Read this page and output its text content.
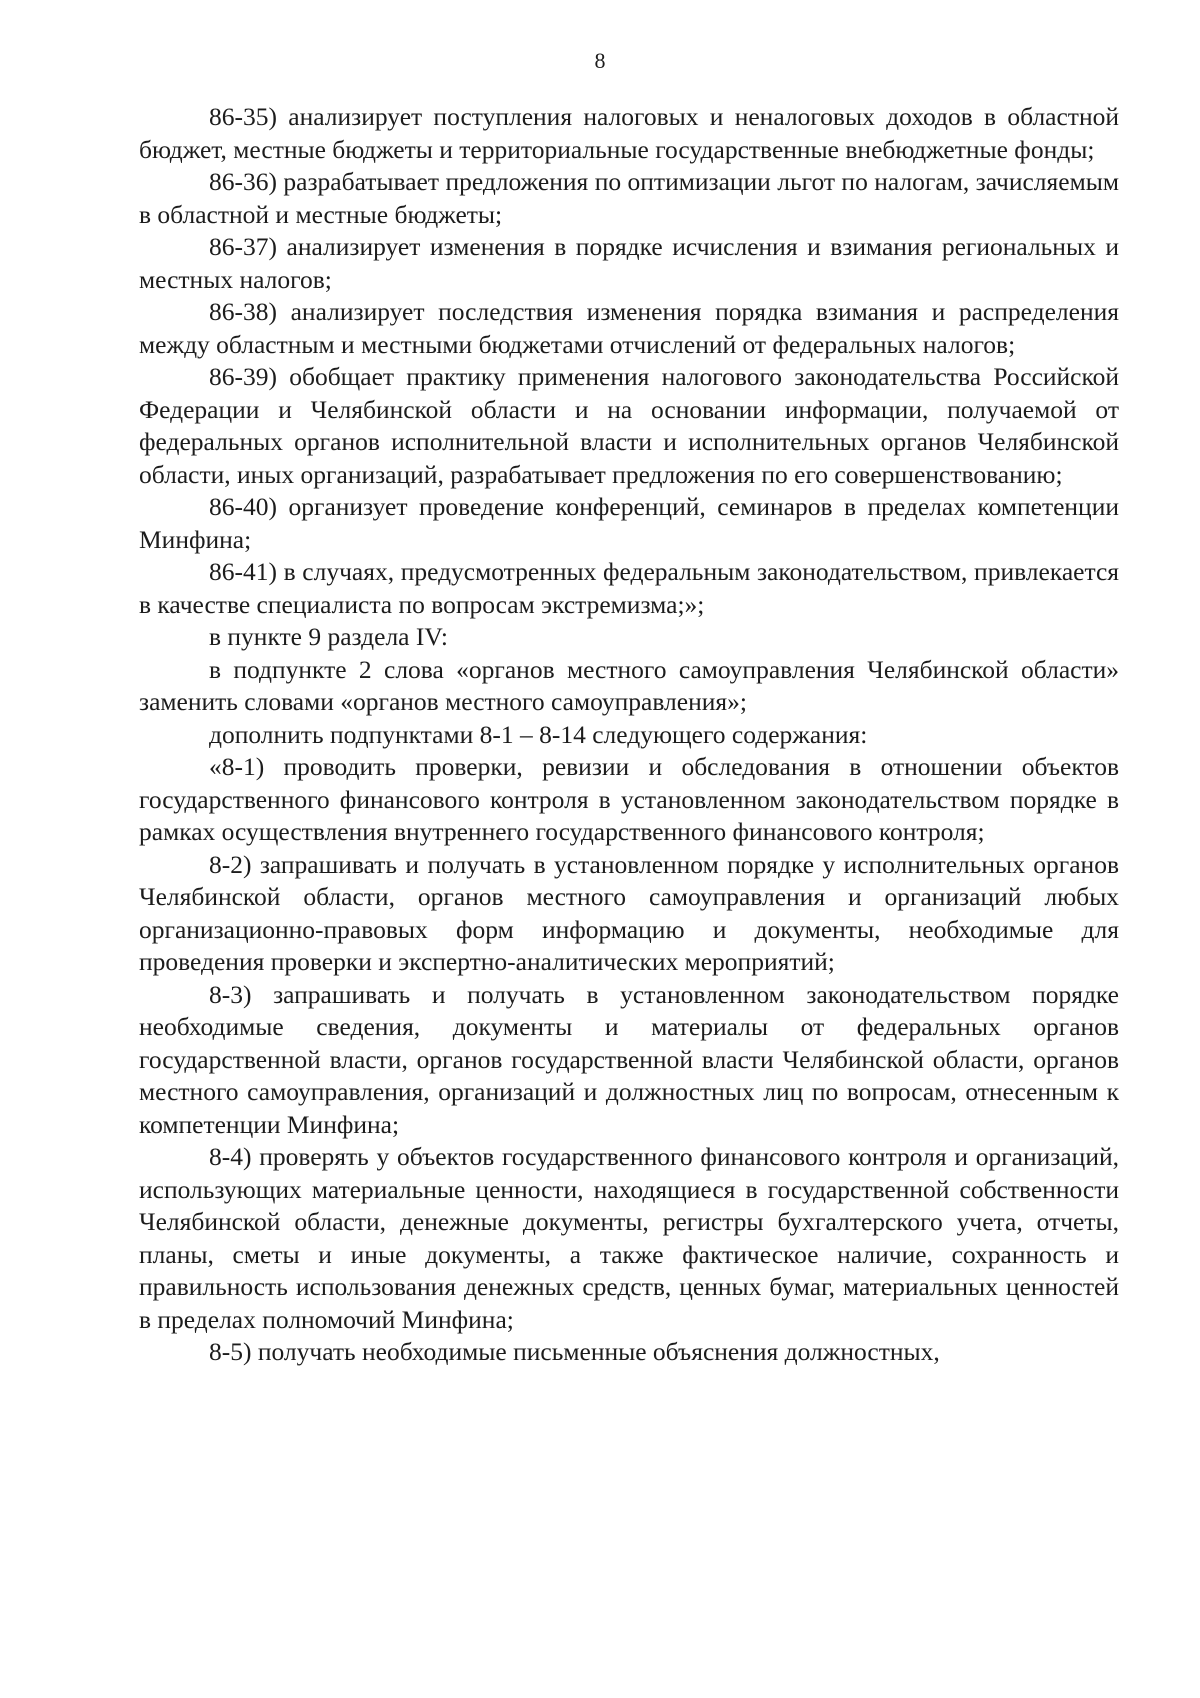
8

86-35) анализирует поступления налоговых и неналоговых доходов в областной бюджет, местные бюджеты и территориальные государственные внебюджетные фонды;

86-36) разрабатывает предложения по оптимизации льгот по налогам, зачисляемым в областной и местные бюджеты;

86-37) анализирует изменения в порядке исчисления и взимания региональных и местных налогов;

86-38) анализирует последствия изменения порядка взимания и распределения между областным и местными бюджетами отчислений от федеральных налогов;

86-39) обобщает практику применения налогового законодательства Российской Федерации и Челябинской области и на основании информации, получаемой от федеральных органов исполнительной власти и исполнительных органов Челябинской области, иных организаций, разрабатывает предложения по его совершенствованию;

86-40) организует проведение конференций, семинаров в пределах компетенции Минфина;

86-41) в случаях, предусмотренных федеральным законодательством, привлекается в качестве специалиста по вопросам экстремизма;»;

в пункте 9 раздела IV:

в подпункте 2 слова «органов местного самоуправления Челябинской области» заменить словами «органов местного самоуправления»;

дополнить подпунктами 8-1 – 8-14 следующего содержания:

«8-1) проводить проверки, ревизии и обследования в отношении объектов государственного финансового контроля в установленном законодательством порядке в рамках осуществления внутреннего государственного финансового контроля;

8-2) запрашивать и получать в установленном порядке у исполнительных органов Челябинской области, органов местного самоуправления и организаций любых организационно-правовых форм информацию и документы, необходимые для проведения проверки и экспертно-аналитических мероприятий;

8-3) запрашивать и получать в установленном законодательством порядке необходимые сведения, документы и материалы от федеральных органов государственной власти, органов государственной власти Челябинской области, органов местного самоуправления, организаций и должностных лиц по вопросам, отнесенным к компетенции Минфина;

8-4) проверять у объектов государственного финансового контроля и организаций, использующих материальные ценности, находящиеся в государственной собственности Челябинской области, денежные документы, регистры бухгалтерского учета, отчеты, планы, сметы и иные документы, а также фактическое наличие, сохранность и правильность использования денежных средств, ценных бумаг, материальных ценностей в пределах полномочий Минфина;

8-5) получать необходимые письменные объяснения должностных,
